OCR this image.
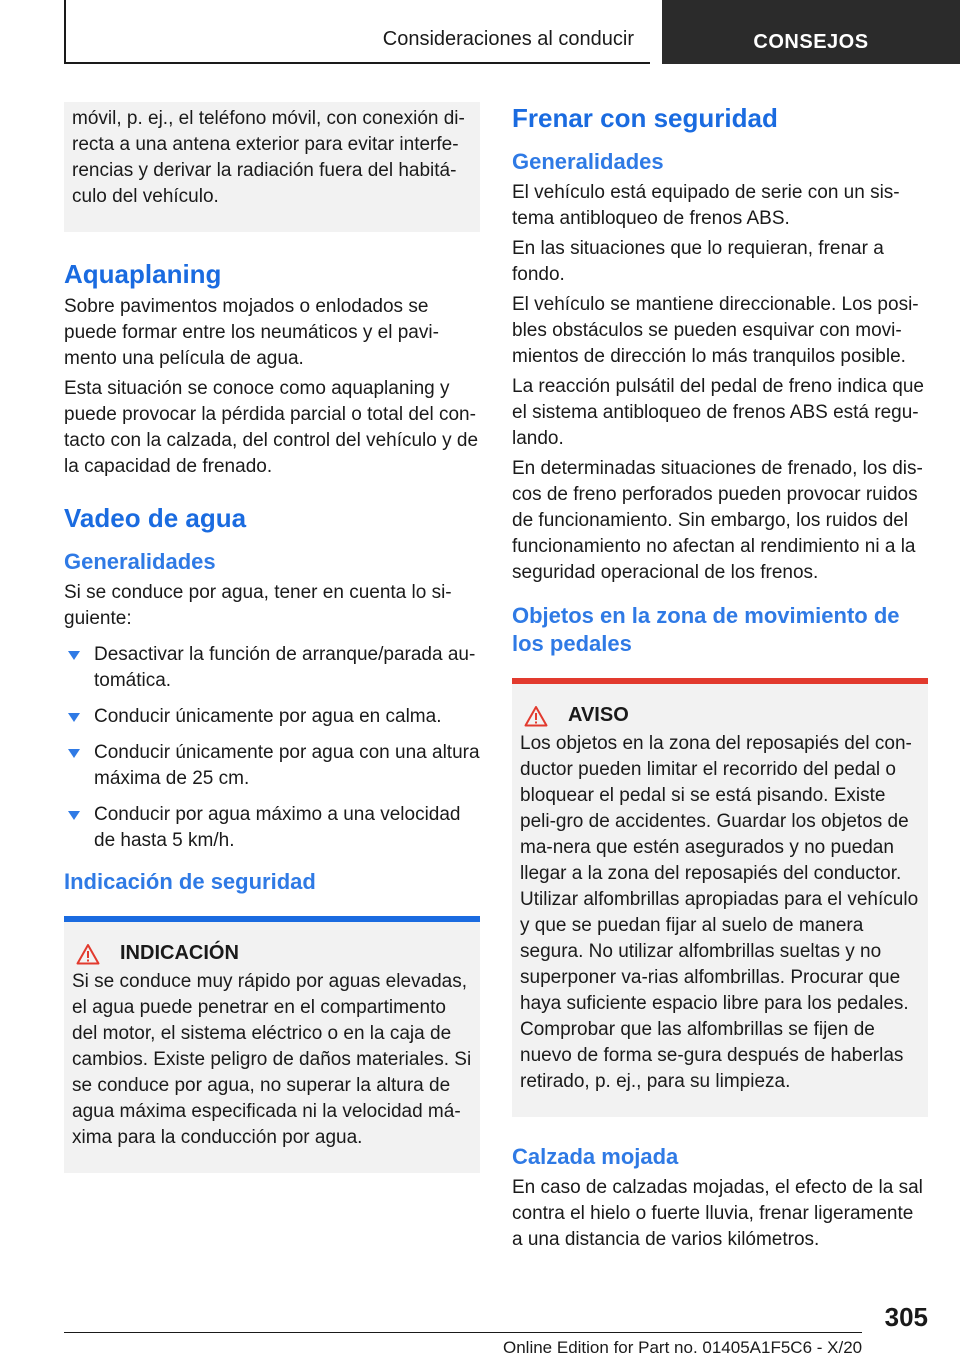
Consideraciones al conducir	CONSEJOS

móvil, p. ej., el teléfono móvil, con conexión di-recta a una antena exterior para evitar interfe-rencias y derivar la radiación fuera del habitá-culo del vehículo.

Aquaplaning

Sobre pavimentos mojados o enlodados se puede formar entre los neumáticos y el pavi-mento una película de agua.

Esta situación se conoce como aquaplaning y puede provocar la pérdida parcial o total del con-tacto con la calzada, del control del vehículo y de la capacidad de frenado.

Vadeo de agua
Generalidades

Si se conduce por agua, tener en cuenta lo si-guiente:

Desactivar la función de arranque/parada au-tomática.
Conducir únicamente por agua en calma.
Conducir únicamente por agua con una altura máxima de 25 cm.
Conducir por agua máximo a una velocidad de hasta 5 km/h.
Indicación de seguridad
INDICACIÓN

Si se conduce muy rápido por aguas elevadas, el agua puede penetrar en el compartimento del motor, el sistema eléctrico o en la caja de cambios. Existe peligro de daños materiales. Si se conduce por agua, no superar la altura de agua máxima especificada ni la velocidad má-xima para la conducción por agua.

Frenar con seguridad
Generalidades

El vehículo está equipado de serie con un sis-tema antibloqueo de frenos ABS.

En las situaciones que lo requieran, frenar a fondo.

El vehículo se mantiene direccionable. Los posi-bles obstáculos se pueden esquivar con movi-mientos de dirección lo más tranquilos posible.

La reacción pulsátil del pedal de freno indica que el sistema antibloqueo de frenos ABS está regu-lando.

En determinadas situaciones de frenado, los dis-cos de freno perforados pueden provocar ruidos de funcionamiento. Sin embargo, los ruidos del funcionamiento no afectan al rendimiento ni a la seguridad operacional de los frenos.

Objetos en la zona de movimiento de los pedales
AVISO

Los objetos en la zona del reposapiés del con-ductor pueden limitar el recorrido del pedal o bloquear el pedal si se está pisando. Existe peli-gro de accidentes. Guardar los objetos de ma-nera que estén asegurados y no puedan llegar a la zona del reposapiés del conductor. Utilizar alfombrillas apropiadas para el vehículo y que se puedan fijar al suelo de manera segura. No utilizar alfombrillas sueltas y no superponer va-rias alfombrillas. Procurar que haya suficiente espacio libre para los pedales. Comprobar que las alfombrillas se fijen de nuevo de forma se-gura después de haberlas retirado, p. ej., para su limpieza.

Calzada mojada

En caso de calzadas mojadas, el efecto de la sal contra el hielo o fuerte lluvia, frenar ligeramente a una distancia de varios kilómetros.

305
Online Edition for Part no. 01405A1F5C6 - X/20
